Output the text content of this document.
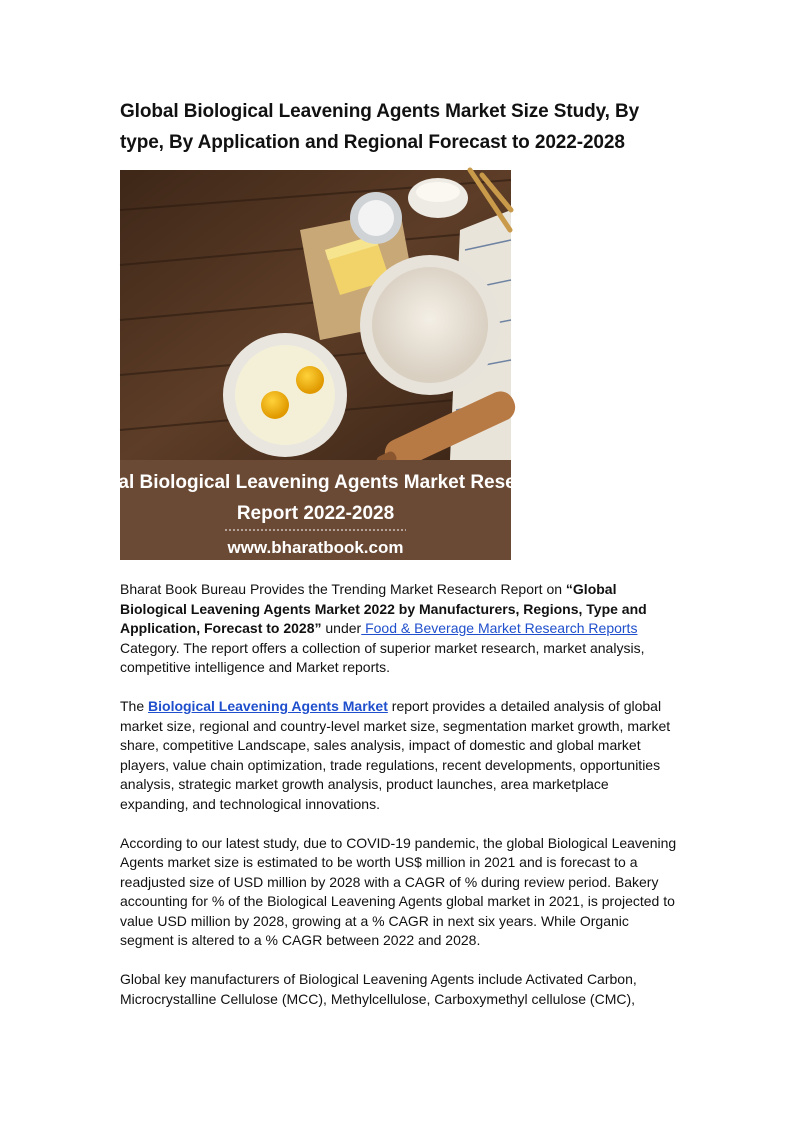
Global Biological Leavening Agents Market Size Study, By type, By Application and Regional Forecast to 2022-2028
Global Biological Leavening Agents Market Research
Report 2022-2028
www.bharatbook.com

Bharat Book Bureau Provides the Trending Market Research Report on “Global Biological Leavening Agents Market 2022 by Manufacturers, Regions, Type and Application, Forecast to 2028” under Food & Beverage Market Research Reports Category. The report offers a collection of superior market research, market analysis, competitive intelligence and Market reports.

The Biological Leavening Agents Market report provides a detailed analysis of global market size, regional and country-level market size, segmentation market growth, market share, competitive Landscape, sales analysis, impact of domestic and global market players, value chain optimization, trade regulations, recent developments, opportunities analysis, strategic market growth analysis, product launches, area marketplace expanding, and technological innovations.

According to our latest study, due to COVID-19 pandemic, the global Biological Leavening Agents market size is estimated to be worth US$ million in 2021 and is forecast to a readjusted size of USD million by 2028 with a CAGR of % during review period. Bakery accounting for % of the Biological Leavening Agents global market in 2021, is projected to value USD million by 2028, growing at a % CAGR in next six years. While Organic segment is altered to a % CAGR between 2022 and 2028.

Global key manufacturers of Biological Leavening Agents include Activated Carbon, Microcrystalline Cellulose (MCC), Methylcellulose, Carboxymethyl cellulose (CMC),
